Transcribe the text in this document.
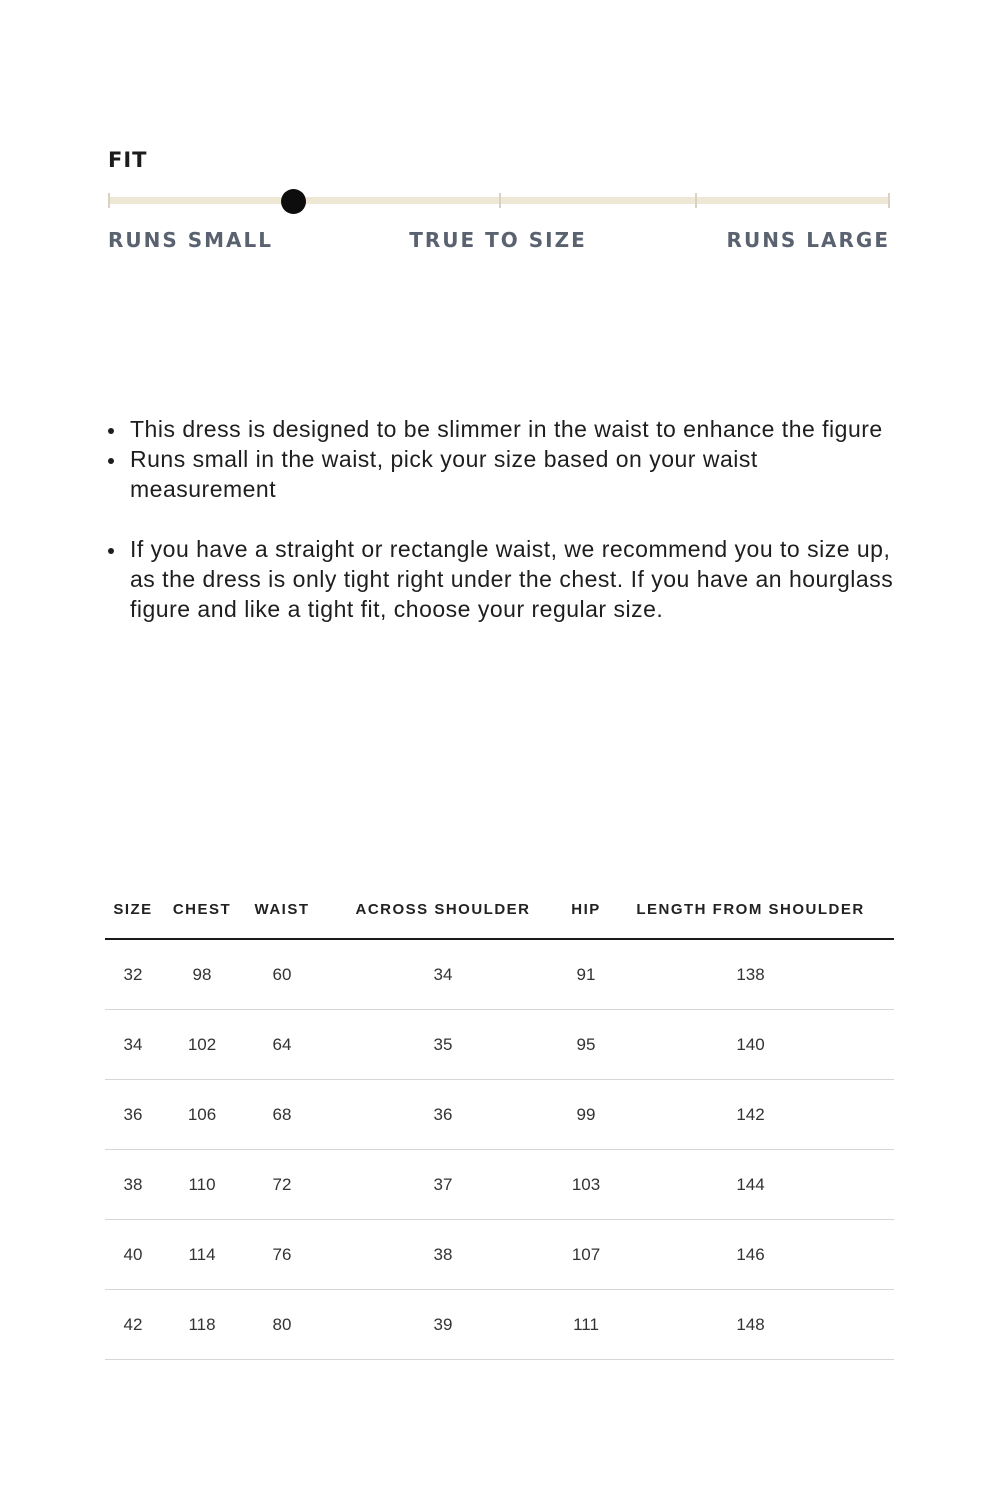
FIT
RUNS SMALL	TRUE TO SIZE	RUNS LARGE

This dress is designed to be slimmer in the waist to enhance the figure

Runs small in the waist, pick your size based on your waist measurement

If you have a straight or rectangle waist, we recommend you to size up, as the dress is only tight right under the chest. If you have an hourglass figure and like a tight fit, choose your regular size.

SIZE	CHEST	WAIST	ACROSS SHOULDER	HIP	LENGTH FROM SHOULDER
32	98	60	34	91	138
34	102	64	35	95	140
36	106	68	36	99	142
38	110	72	37	103	144
40	114	76	38	107	146
42	118	80	39	111	148
